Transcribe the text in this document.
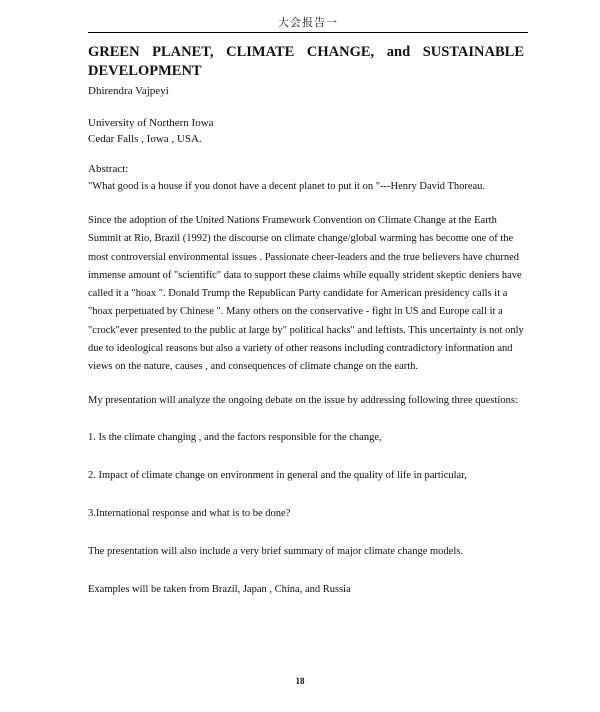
大会报告一
GREEN PLANET, CLIMATE CHANGE, and SUSTAINABLE DEVELOPMENT

Dhirendra Vajpeyi

University of Northern Iowa
Cedar Falls , Iowa , USA.

Abstract:

"What good is a house if you donot have a decent planet to put it on "---Henry David Thoreau.

Since the adoption of the United Nations Framework Convention on Climate Change at the Earth Summit at Rio, Brazil (1992) the discourse on climate change/global warming has become one of the most controversial environmental issues . Passionate cheer-leaders and the true believers have churned immense amount of "scientific" data to support these claims while equally strident skeptic deniers have called it a "hoax ". Donald Trump the Republican Party candidate for American presidency calls it a "hoax perpetuated by Chinese ". Many others on the conservative - fight in US and Europe call it a "crock"ever presented to the public at large by" political hacks" and leftists. This uncertainty is not only due to ideological reasons but also a variety of other reasons including contradictory information and views on the nature, causes , and consequences of climate change on the earth.

My presentation will analyze the ongoing debate on the issue by addressing following three questions:

1. Is the climate changing , and the factors responsible for the change,

2. Impact of climate change on environment in general and the quality of life in particular,

3.International response and what is to be done?

The presentation will also include a very brief summary of major climate change models.

Examples will be taken from Brazil, Japan , China, and Russia

18
